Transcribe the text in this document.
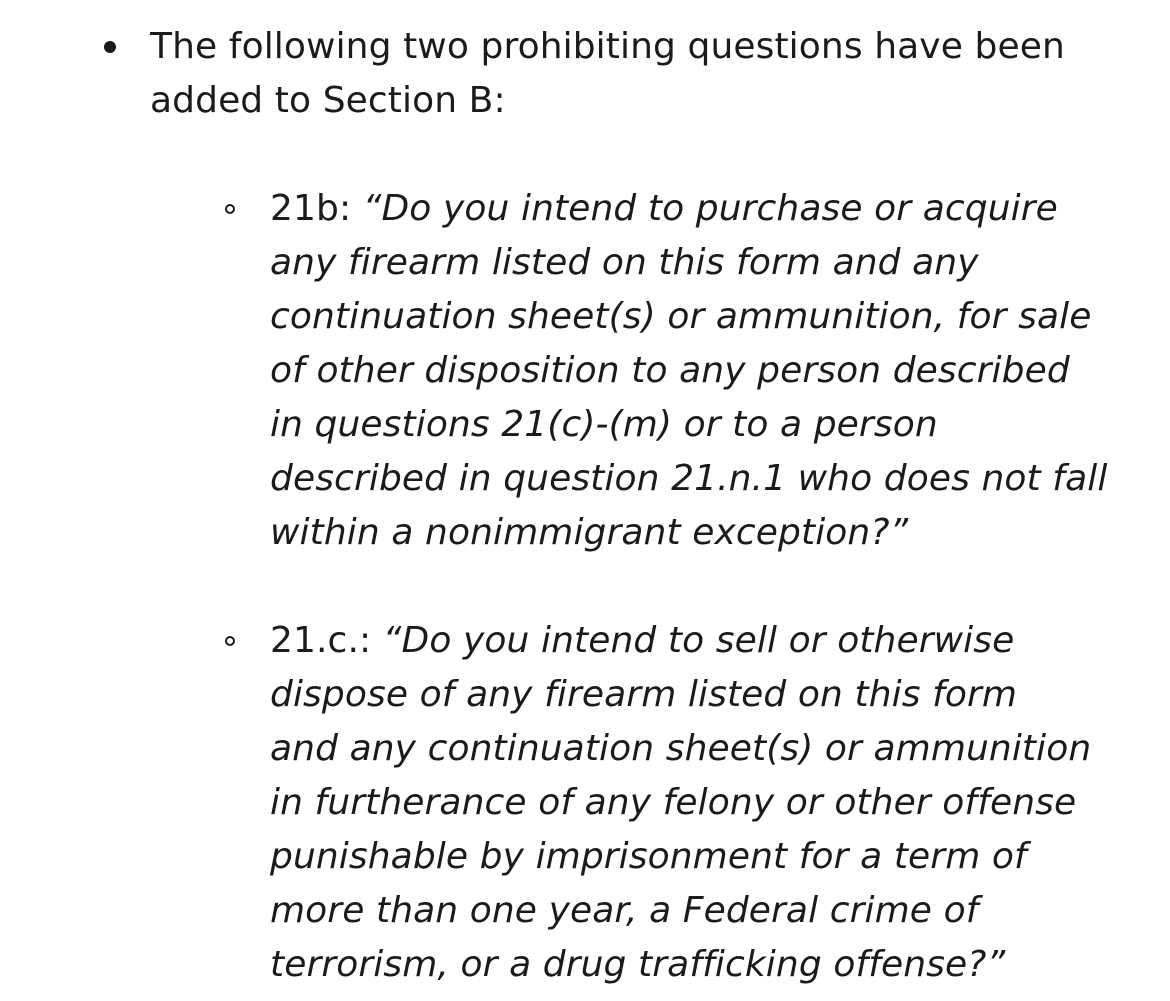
The following two prohibiting questions have been
added to Section B:
21b: “Do you intend to purchase or acquire
any firearm listed on this form and any
continuation sheet(s) or ammunition, for sale
of other disposition to any person described
in questions 21(c)-(m) or to a person
described in question 21.n.1 who does not fall
within a nonimmigrant exception?”
21.c.: “Do you intend to sell or otherwise
dispose of any firearm listed on this form
and any continuation sheet(s) or ammunition
in furtherance of any felony or other offense
punishable by imprisonment for a term of
more than one year, a Federal crime of
terrorism, or a drug trafficking offense?”
